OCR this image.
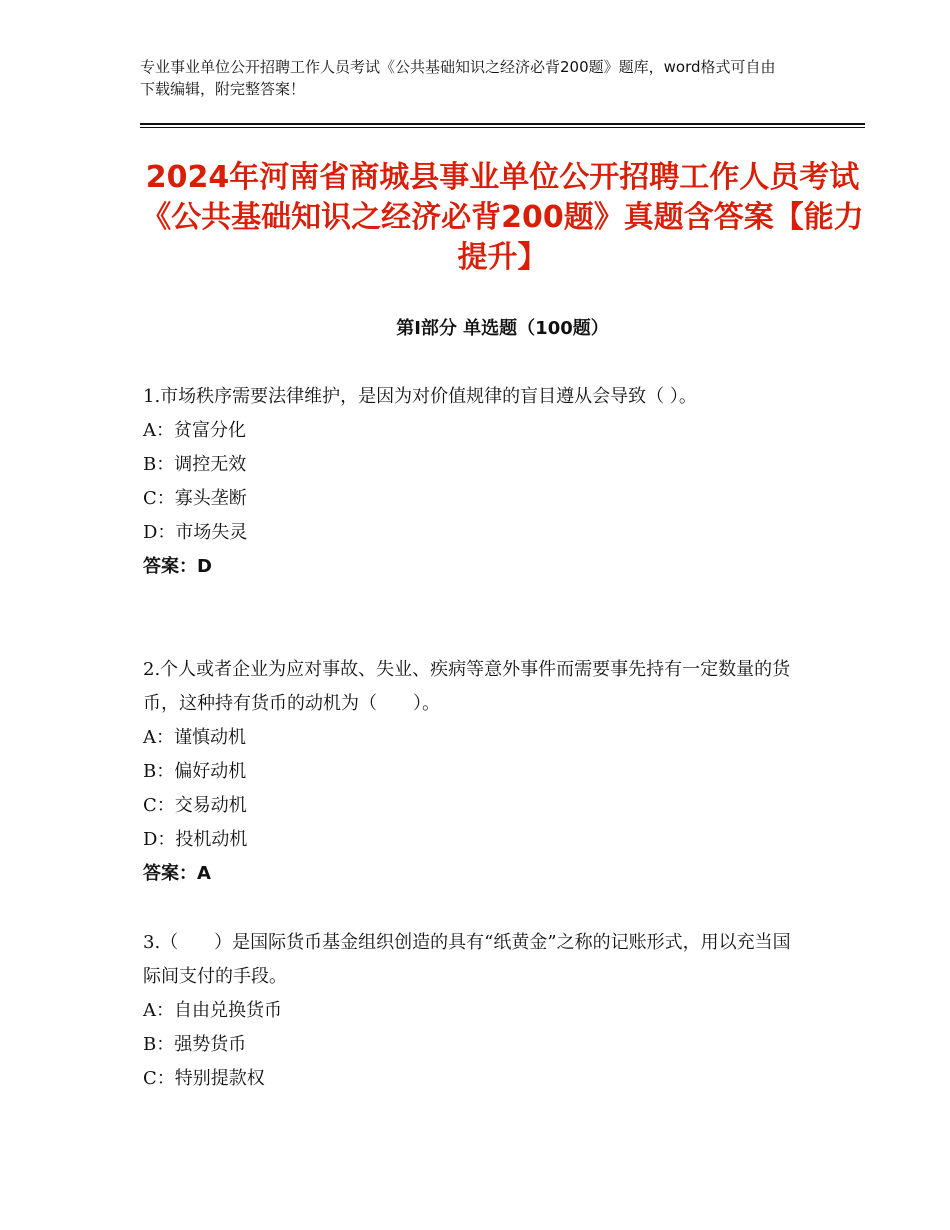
专业事业单位公开招聘工作人员考试《公共基础知识之经济必背200题》题库，word格式可自由下载编辑，附完整答案！
2024年河南省商城县事业单位公开招聘工作人员考试《公共基础知识之经济必背200题》真题含答案【能力提升】
第Ⅰ部分 单选题（100题）

1.市场秩序需要法律维护，是因为对价值规律的盲目遵从会导致（ ）。

A：贫富分化

B：调控无效

C：寡头垄断

D：市场失灵

答案：D

2.个人或者企业为应对事故、失业、疾病等意外事件而需要事先持有一定数量的货币，这种持有货币的动机为（　　）。

A：谨慎动机

B：偏好动机

C：交易动机

D：投机动机

答案：A

3.（　　）是国际货币基金组织创造的具有“纸黄金”之称的记账形式，用以充当国际间支付的手段。

A：自由兑换货币

B：强势货币

C：特别提款权
